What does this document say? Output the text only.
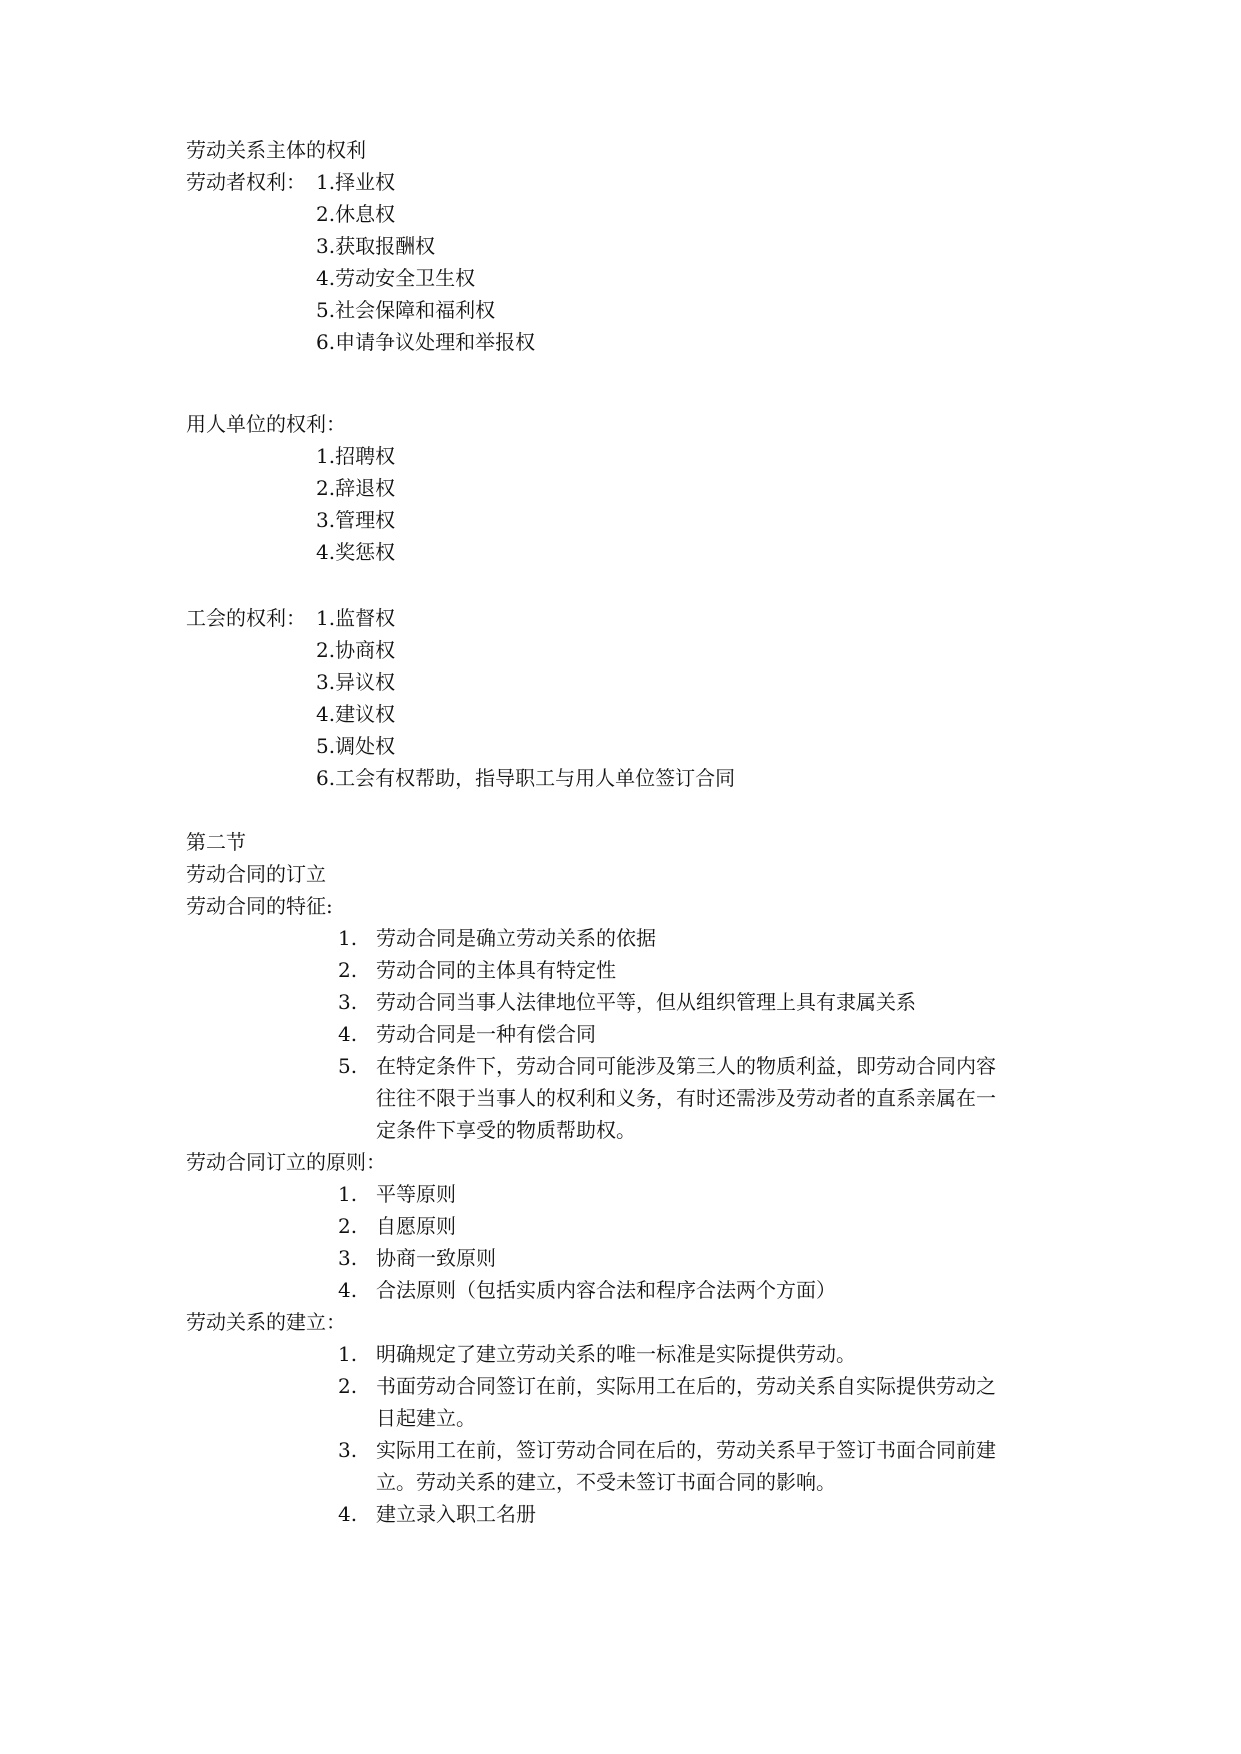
劳动关系主体的权利
劳动者权利： 1.择业权
2.休息权
3.获取报酬权
4.劳动安全卫生权
5.社会保障和福利权
6.申请争议处理和举报权
用人单位的权利：
1.招聘权
2.辞退权
3.管理权
4.奖惩权
工会的权利： 1.监督权
2.协商权
3.异议权
4.建议权
5.调处权
6.工会有权帮助，指导职工与用人单位签订合同
第二节
劳动合同的订立
劳动合同的特征:
1. 劳动合同是确立劳动关系的依据
2. 劳动合同的主体具有特定性
3. 劳动合同当事人法律地位平等，但从组织管理上具有隶属关系
4. 劳动合同是一种有偿合同
5. 在特定条件下，劳动合同可能涉及第三人的物质利益，即劳动合同内容
往往不限于当事人的权利和义务，有时还需涉及劳动者的直系亲属在一
定条件下享受的物质帮助权。
劳动合同订立的原则：
1. 平等原则
2. 自愿原则
3. 协商一致原则
4. 合法原则（包括实质内容合法和程序合法两个方面）
劳动关系的建立：
1. 明确规定了建立劳动关系的唯一标准是实际提供劳动。
2. 书面劳动合同签订在前，实际用工在后的，劳动关系自实际提供劳动之
日起建立。
3. 实际用工在前，签订劳动合同在后的，劳动关系早于签订书面合同前建
立。劳动关系的建立，不受未签订书面合同的影响。
4. 建立录入职工名册
